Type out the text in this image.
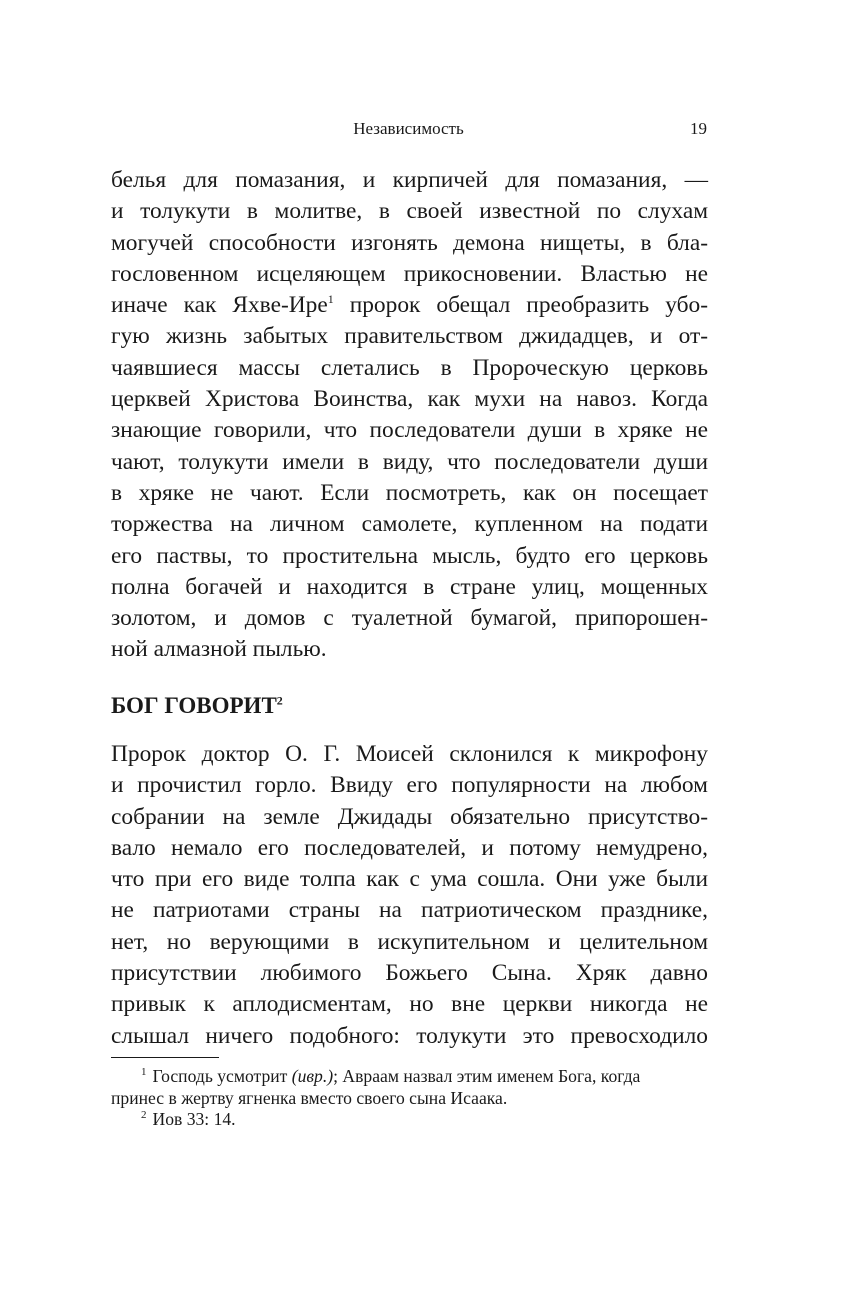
Независимость	19
белья для помазания, и кирпичей для помазания, —
и толукути в молитве, в своей известной по слухам
могучей способности изгонять демона нищеты, в бла-
гословенном исцеляющем прикосновении. Властью не
иначе как Яхве-Ире$^1$ пророк обещал преобразить убо-
гую жизнь забытых правительством джидадцев, и от-
чаявшиеся массы слетались в Пророческую церковь
церквей Христова Воинства, как мухи на навоз. Когда
знающие говорили, что последователи души в хряке не
чают, толукути имели в виду, что последователи души
в хряке не чают. Если посмотреть, как он посещает
торжества на личном самолете, купленном на подати
его паствы, то простительна мысль, будто его церковь
полна богачей и находится в стране улиц, мощенных
золотом, и домов с туалетной бумагой, припорошен-
ной алмазной пылью.
БОГ ГОВОРИТ$^2$
Пророк доктор О. Г. Моисей склонился к микрофону
и прочистил горло. Ввиду его популярности на любом
собрании на земле Джидады обязательно присутство-
вало немало его последователей, и потому немудрено,
что при его виде толпа как с ума сошла. Они уже были
не патриотами страны на патриотическом празднике,
нет, но верующими в искупительном и целительном
присутствии любимого Божьего Сына. Хряк давно
привык к аплодисментам, но вне церкви никогда не
слышал ничего подобного: толукути это превосходило
$^1$ Господь усмотрит (ивр.); Авраам назвал этим именем Бога, когда
принес в жертву ягненка вместо своего сына Исаака.
$^2$ Иов 33: 14.
